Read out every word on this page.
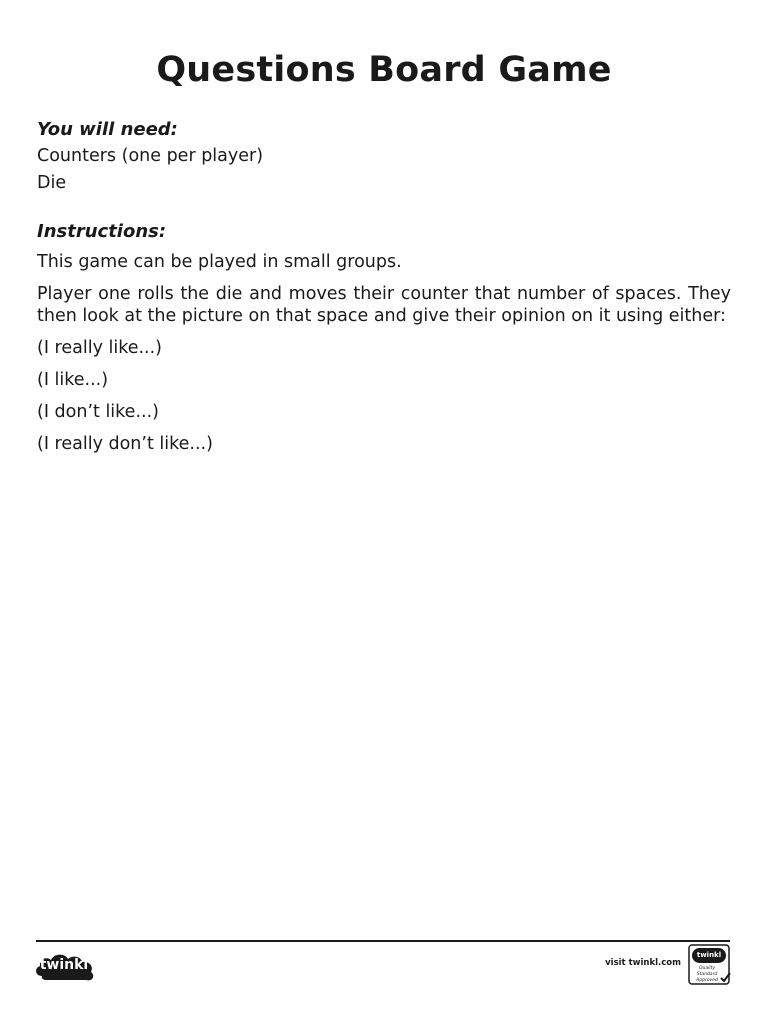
Questions Board Game
You will need:
Counters (one per player)
Die
Instructions:
This game can be played in small groups.
Player one rolls the die and moves their counter that number of spaces. They then look at the picture on that space and give their opinion on it using either:
(I really like...)
(I like...)
(I don’t like...)
(I really don’t like...)
twinkl	visit twinkl.com
twinkl
Quality Standard Approved
